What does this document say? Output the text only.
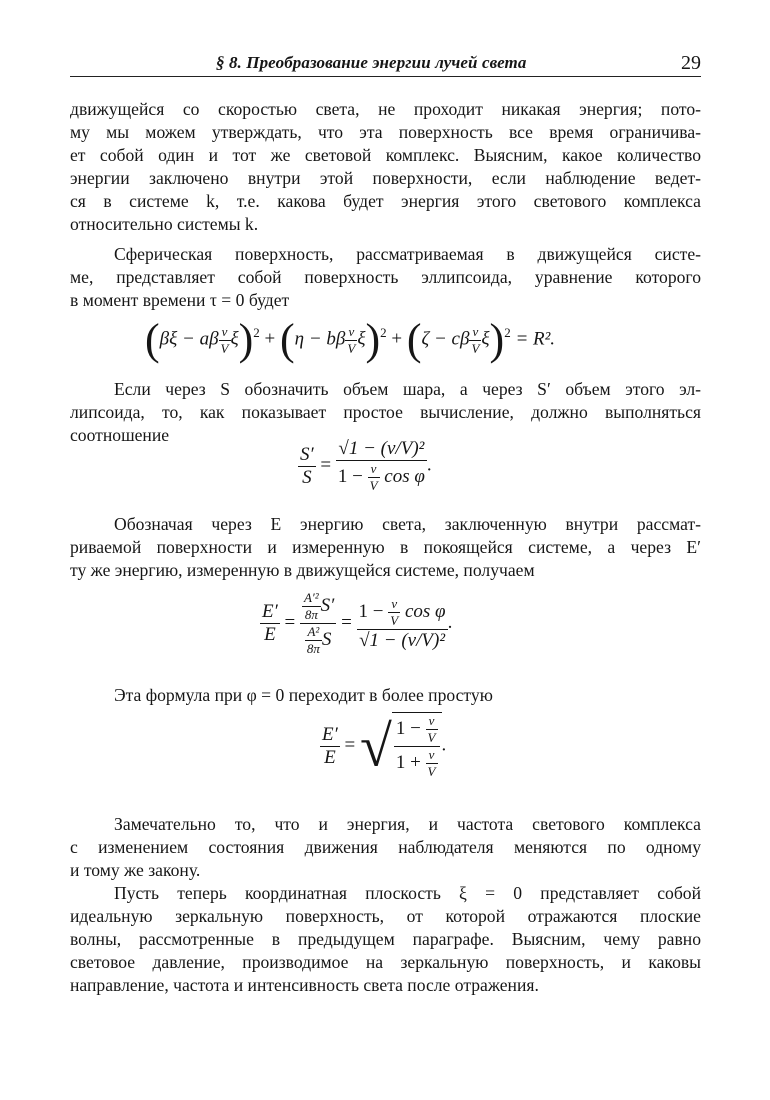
§ 8. Преобразование энергии лучей света	29
движущейся со скоростью света, не проходит никакая энергия; пото-
му мы можем утверждать, что эта поверхность все время ограничива-
ет собой один и тот же световой комплекс. Выясним, какое количество
энергии заключено внутри этой поверхности, если наблюдение ведет-
ся в системе k, т.е. какова будет энергия этого светового комплекса
относительно системы k.
Сферическая поверхность, рассматриваемая в движущейся систе-
ме, представляет собой поверхность эллипсоида, уравнение которого
в момент времени τ = 0 будет
(βξ − aβ $\frac{v}{V} \xi)^2 + (\eta - b\beta \frac{v}{V} \xi)^2 + (\zeta - c\beta \frac{v}{V} \xi)^2 = R^2$.
Если через S обозначить объем шара, а через S′ объем этого эл-
липсоида, то, как показывает простое вычисление, должно выполняться
соотношение
$\frac{S'}{S} = \frac{\text{√1 − (v/V)²}}{1 - \frac{v}{V} \cos \varphi}$ .
Обозначая через E энергию света, заключенную внутри рассмат-
риваемой поверхности и измеренную в покоящейся системе, а через E′
ту же энергию, измеренную в движущейся системе, получаем
$\frac{E'}{E} = \frac{\frac{\text{A′²}}{8\pi} S'}{\frac{\text{A²}}{8\pi} S} = \frac{1 - \frac{v}{V} \cos \varphi}{\text{√1 − (v/V)²}}$ .
Эта формула при φ = 0 переходит в более простую
$\frac{E'}{E}$ = √ $\frac{1 - \frac{v}{V}}{1 + \frac{v}{V}}$ .
Замечательно то, что и энергия, и частота светового комплекса
с изменением состояния движения наблюдателя меняются по одному
и тому же закону.
Пусть теперь координатная плоскость ξ = 0 представляет собой
идеальную зеркальную поверхность, от которой отражаются плоские
волны, рассмотренные в предыдущем параграфе. Выясним, чему равно
световое давление, производимое на зеркальную поверхность, и каковы
направление, частота и интенсивность света после отражения.
